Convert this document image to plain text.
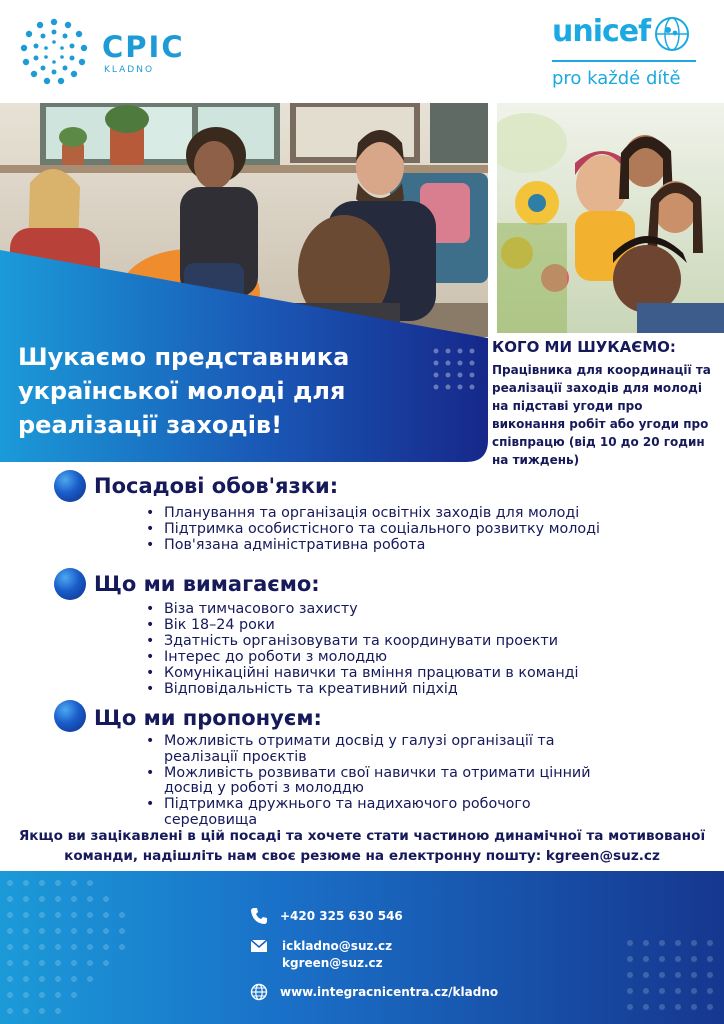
CPIC
KLADNO
unicef
pro každé dítě
Шукаємо представника
української молоді для
реалізації заходів!
КОГО МИ ШУКАЄМО:
Працівника для координації та реалізації заходів для молоді на підставі угоди про виконання робіт або угоди про співпрацю (від 10 до 20 годин на тиждень)
Посадові обов'язки:
• Планування та організація освітніх заходів для молоді
• Підтримка особистісного та соціального розвитку молоді
• Пов'язана адміністративна робота
Що ми вимагаємо:
• Віза тимчасового захисту
• Вік 18–24 роки
• Здатність організовувати та координувати проекти
• Інтерес до роботи з молоддю
• Комунікаційні навички та вміння працювати в команді
• Відповідальність та креативний підхід
Що ми пропонуєм:
• Можливість отримати досвід у галузі організації та реалізації проєктів
• Можливість розвивати свої навички та отримати цінний досвід у роботі з молоддю
• Підтримка дружнього та надихаючого робочого середовища
Якщо ви зацікавлені в цій посаді та хочете стати частиною динамічної та мотивованої
команди, надішліть нам своє резюме на електронну пошту: kgreen@suz.cz
+420 325 630 546
ickladno@suz.cz
kgreen@suz.cz
www.integracnicentra.cz/kladno
